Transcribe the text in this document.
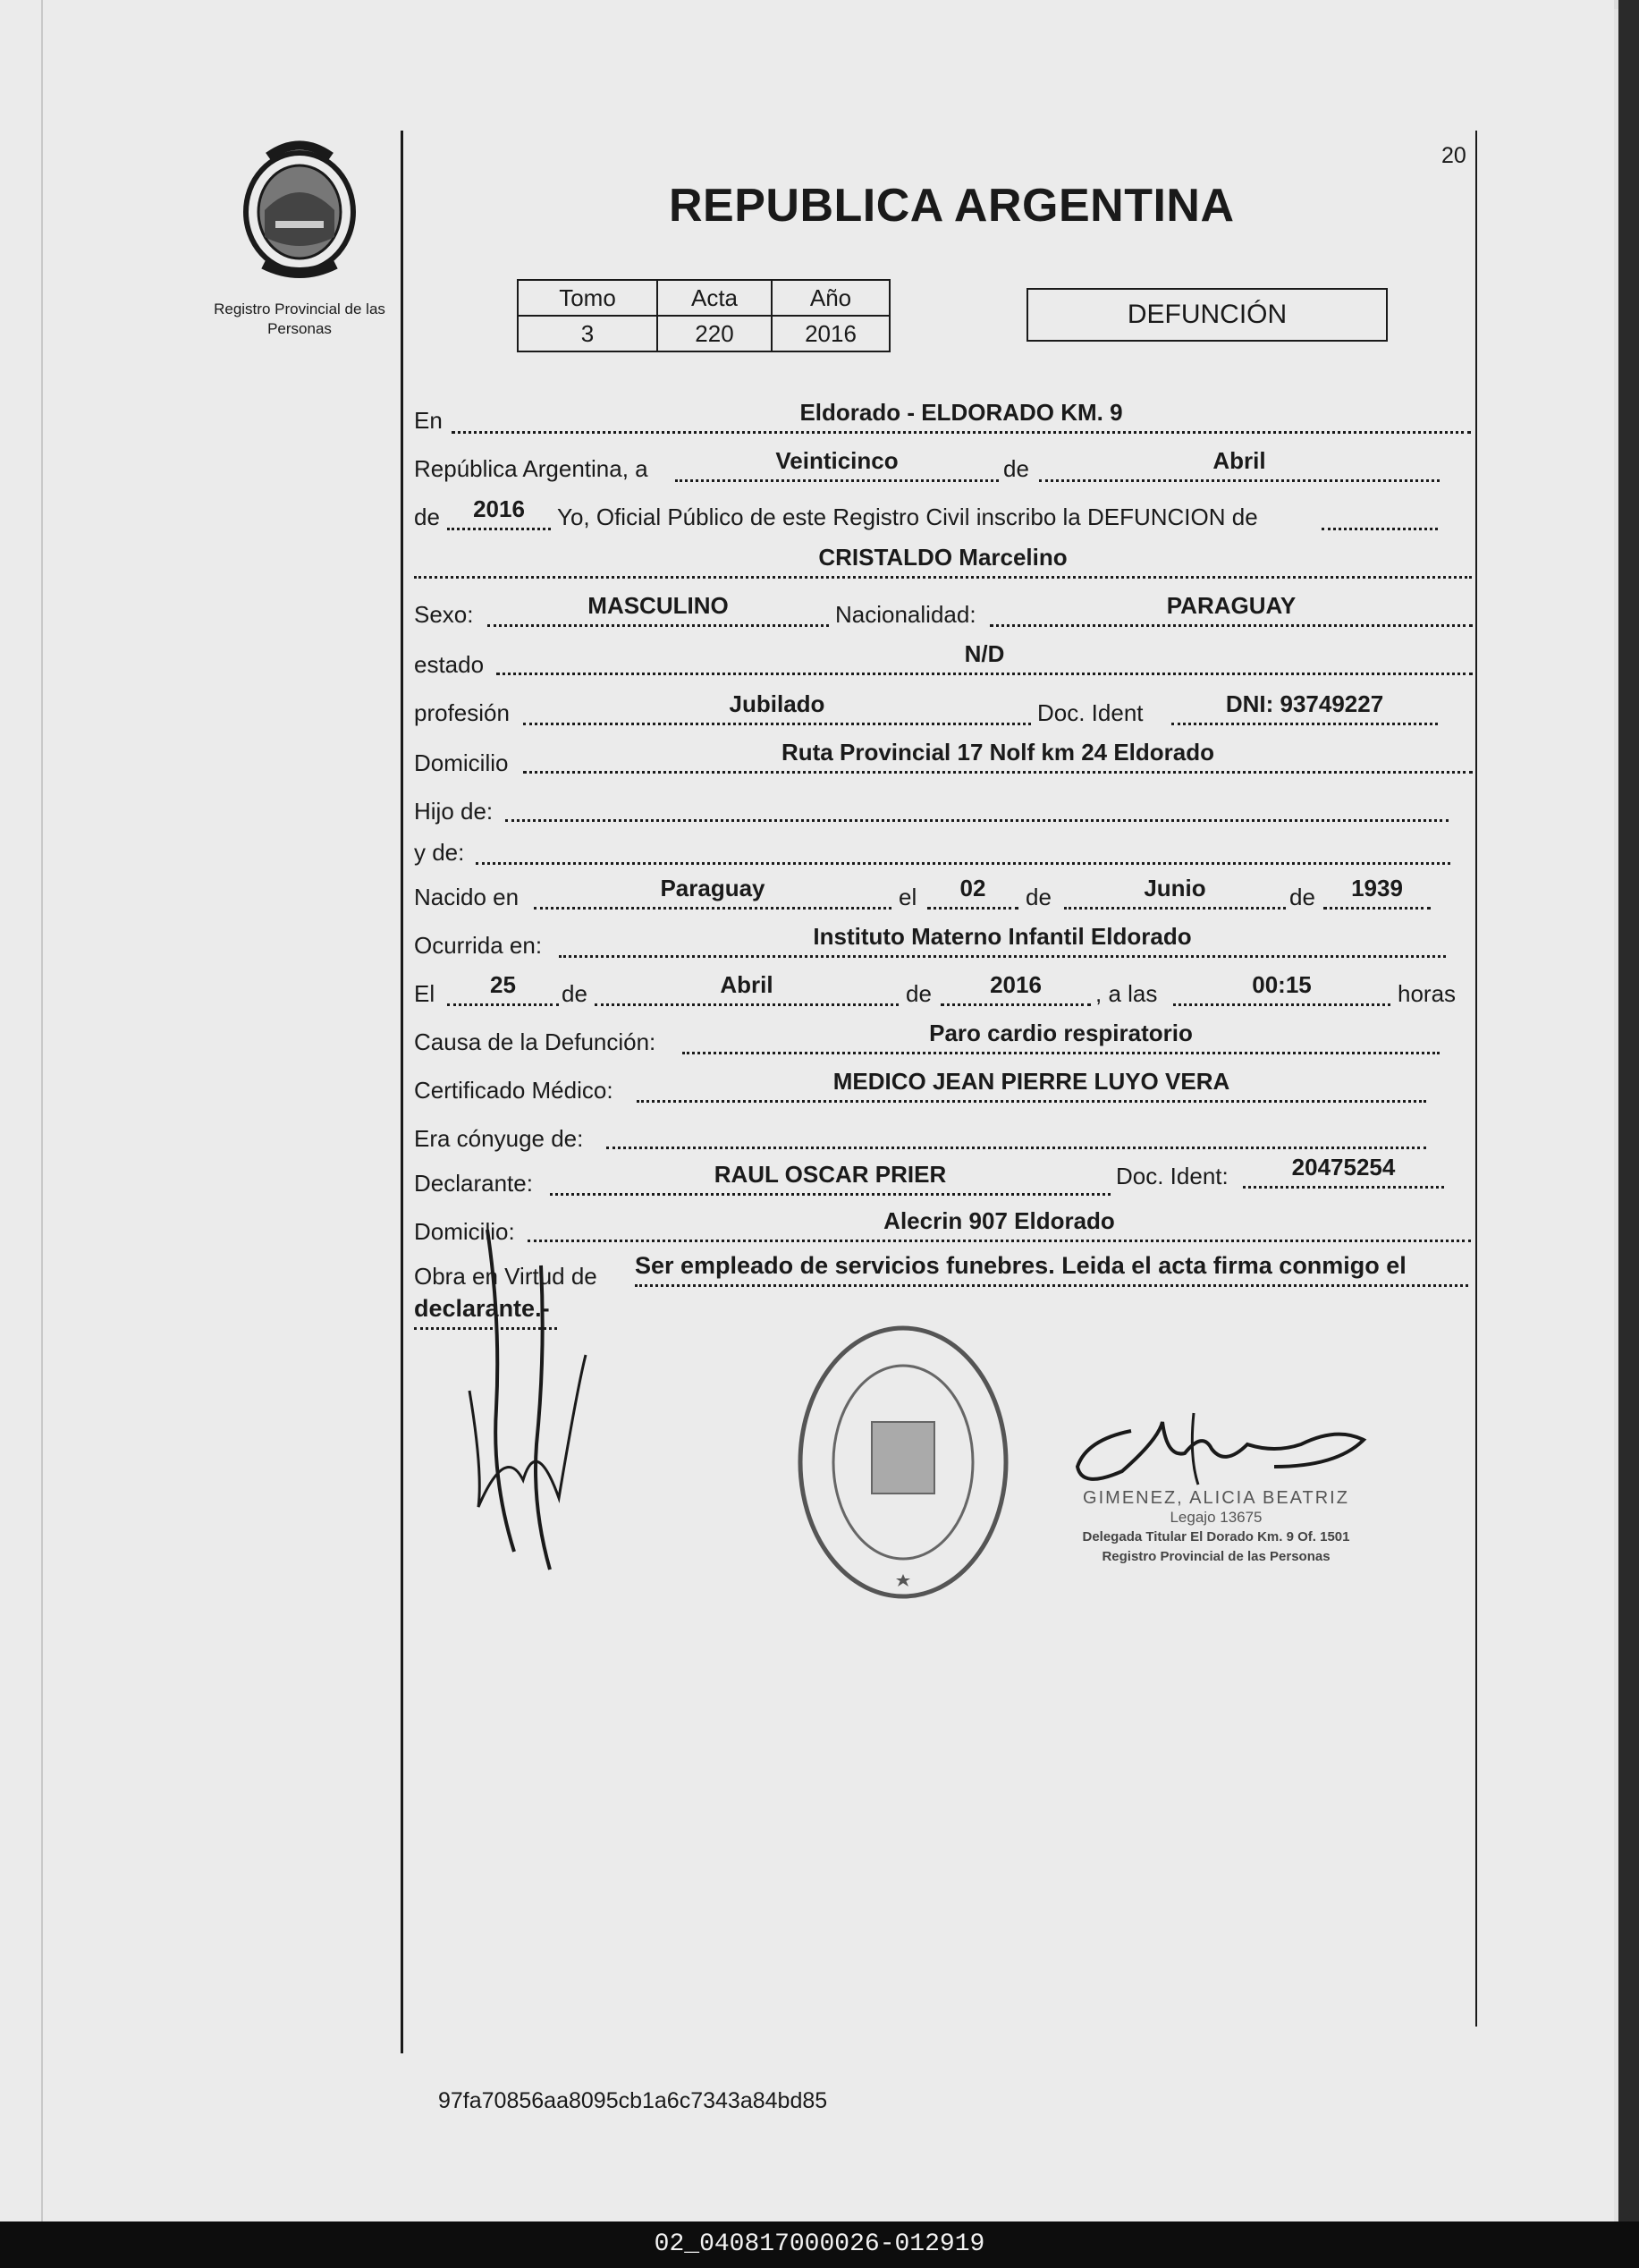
Registro Provincial de las Personas
20
REPUBLICA ARGENTINA
Tomo	Acta	Año
3	220	2016
DEFUNCIÓN
En	Eldorado - ELDORADO KM. 9
República Argentina, a	Veinticinco	de	Abril
de	2016	Yo, Oficial Público de este Registro Civil inscribo la DEFUNCION de
CRISTALDO Marcelino
Sexo:	MASCULINO	Nacionalidad:	PARAGUAY
estado	N/D
profesión	Jubilado	Doc. Ident	DNI: 93749227
Domicilio	Ruta Provincial 17 Nolf km 24 Eldorado
Hijo de:
y de:
Nacido en	Paraguay	el	02	de	Junio	de	1939
Ocurrida en:	Instituto Materno Infantil Eldorado
El	25	de	Abril	de	2016	, a las	00:15	horas
Causa de la Defunción:	Paro cardio respiratorio
Certificado Médico:	MEDICO JEAN PIERRE LUYO VERA
Era cónyuge de:
Declarante:	RAUL OSCAR PRIER	Doc. Ident:	20475254
Domicilio:	Alecrin 907 Eldorado
Obra en Virtud de Ser empleado de servicios funebres. Leida el acta firma conmigo el
declarante.-
GIMENEZ, ALICIA BEATRIZ
Legajo 13675
Delegada Titular El Dorado Km. 9 Of. 1501
Registro Provincial de las Personas
97fa70856aa8095cb1a6c7343a84bd85
02_040817000026-012919
